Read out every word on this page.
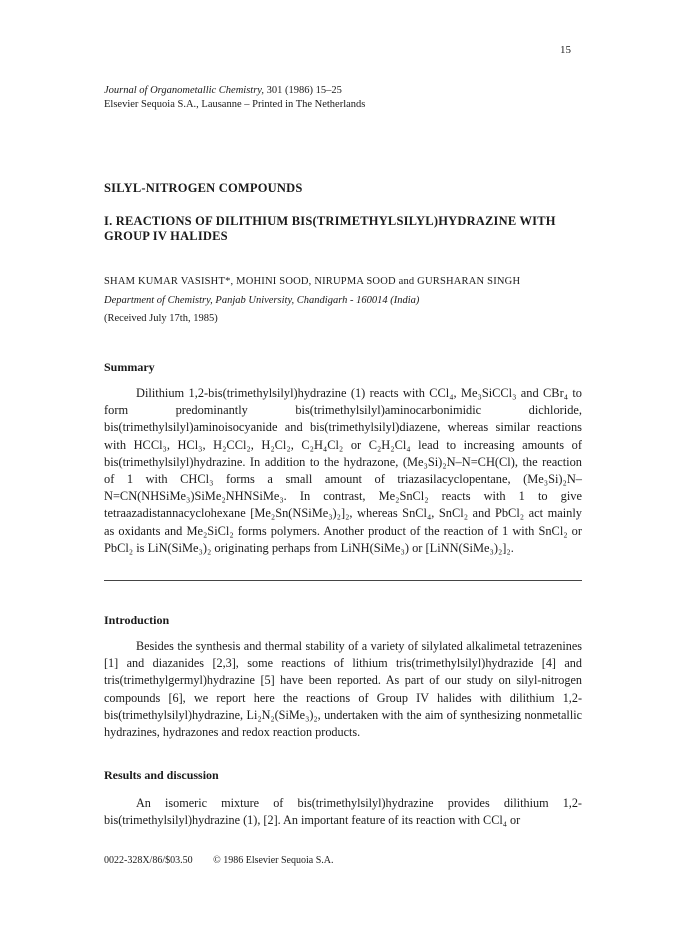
15
Journal of Organometallic Chemistry, 301 (1986) 15–25
Elsevier Sequoia S.A., Lausanne – Printed in The Netherlands
SILYL-NITROGEN COMPOUNDS
I. REACTIONS OF DILITHIUM BIS(TRIMETHYLSILYL)HYDRAZINE WITH GROUP IV HALIDES
SHAM KUMAR VASISHT*, MOHINI SOOD, NIRUPMA SOOD and GURSHARAN SINGH
Department of Chemistry, Panjab University, Chandigarh - 160014 (India)
(Received July 17th, 1985)
Summary
Dilithium 1,2-bis(trimethylsilyl)hydrazine (1) reacts with CCl₄, Me₃SiCCl₃ and CBr₄ to form predominantly bis(trimethylsilyl)aminocarbonimidic dichloride, bis(trimethylsilyl)aminoisocyanide and bis(trimethylsilyl)diazene, whereas similar reactions with HCCl₃, HCl₃, H₂CCl₂, H₂Cl₂, C₂H₄Cl₂ or C₂H₂Cl₄ lead to increasing amounts of bis(trimethylsilyl)hydrazine. In addition to the hydrazone, (Me₃Si)₂N–N=CH(Cl), the reaction of 1 with CHCl₃ forms a small amount of triazasilacyclopentane, (Me₃Si)₂N–N=CN(NHSiMe₃)SiMe₂NHNSiMe₃. In contrast, Me₂SnCl₂ reacts with 1 to give tetraazadistannacyclohexane [Me₂Sn(NSiMe₃)₂]₂, whereas SnCl₄, SnCl₂ and PbCl₂ act mainly as oxidants and Me₂SiCl₂ forms polymers. Another product of the reaction of 1 with SnCl₂ or PbCl₂ is LiN(SiMe₃)₂ originating perhaps from LiNH(SiMe₃) or [LiNN(SiMe₃)₂]₂.
Introduction
Besides the synthesis and thermal stability of a variety of silylated alkalimetal tetrazenines [1] and diazanides [2,3], some reactions of lithium tris(trimethylsilyl)hydrazide [4] and tris(trimethylgermyl)hydrazine [5] have been reported. As part of our study on silyl-nitrogen compounds [6], we report here the reactions of Group IV halides with dilithium 1,2-bis(trimethylsilyl)hydrazine, Li₂N₂(SiMe₃)₂, undertaken with the aim of synthesizing nonmetallic hydrazines, hydrazones and redox reaction products.
Results and discussion
An isomeric mixture of bis(trimethylsilyl)hydrazine provides dilithium 1,2-bis(trimethylsilyl)hydrazine (1), [2]. An important feature of its reaction with CCl₄ or
0022-328X/86/$03.50 © 1986 Elsevier Sequoia S.A.
